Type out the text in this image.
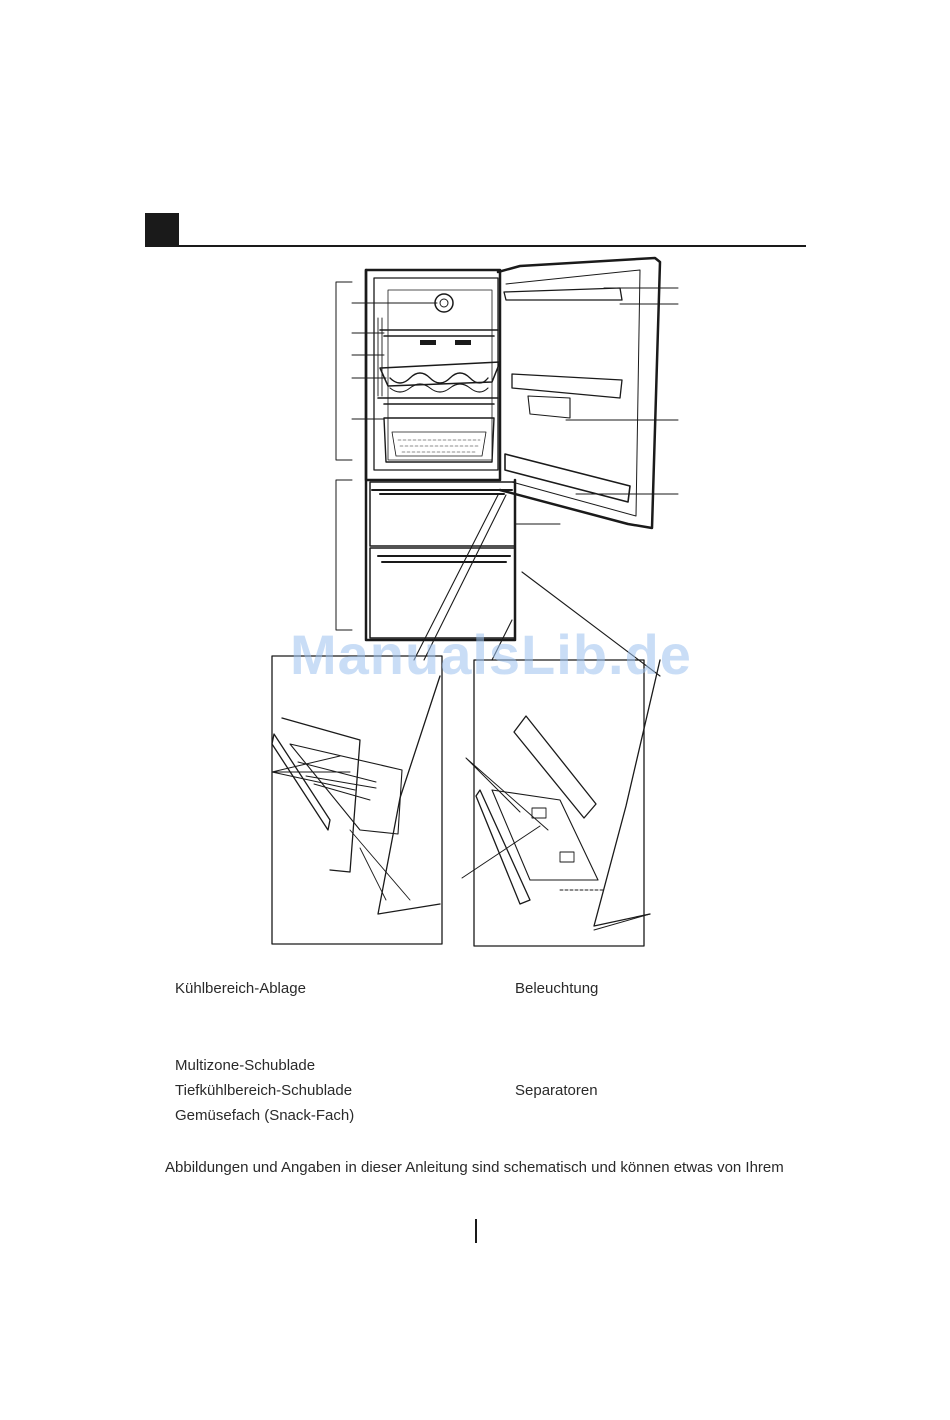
ManualsLib.de
Kühlbereich-Ablage
Multizone-Schublade
Tiefkühlbereich-Schublade
Gemüsefach (Snack-Fach)
Beleuchtung
Separatoren
Abbildungen und Angaben in dieser Anleitung sind schematisch und können etwas von Ihrem
